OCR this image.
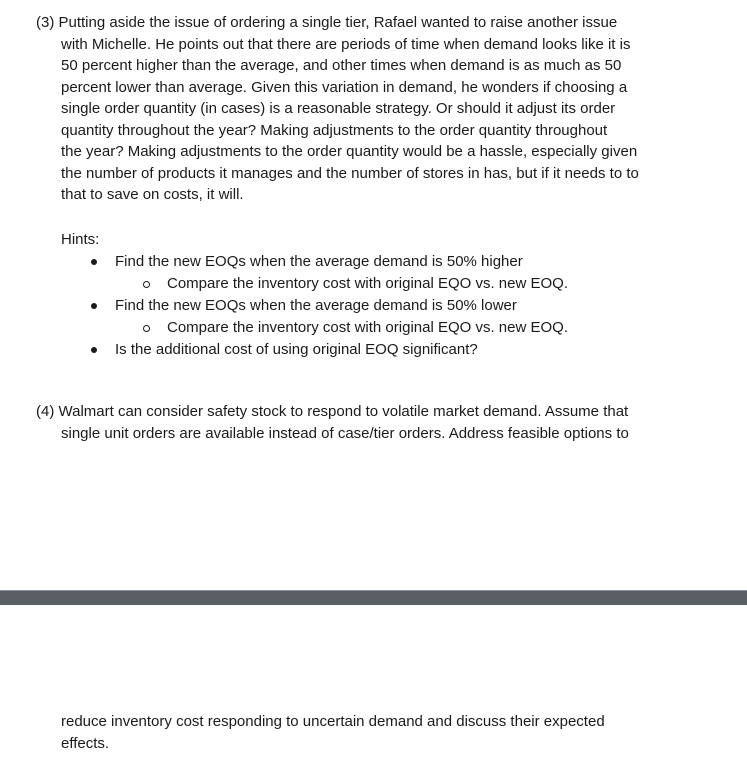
(3) Putting aside the issue of ordering a single tier, Rafael wanted to raise another issue
with Michelle. He points out that there are periods of time when demand looks like it is
50 percent higher than the average, and other times when demand is as much as 50
percent lower than average. Given this variation in demand, he wonders if choosing a
single order quantity (in cases) is a reasonable strategy. Or should it adjust its order
quantity throughout the year? Making adjustments to the order quantity throughout
the year? Making adjustments to the order quantity would be a hassle, especially given
the number of products it manages and the number of stores in has, but if it needs to to
that to save on costs, it will.
Hints:
Find the new EOQs when the average demand is 50% higher
Compare the inventory cost with original EQO vs. new EOQ.
Find the new EOQs when the average demand is 50% lower
Compare the inventory cost with original EQO vs. new EOQ.
Is the additional cost of using original EOQ significant?
(4) Walmart can consider safety stock to respond to volatile market demand. Assume that
single unit orders are available instead of case/tier orders. Address feasible options to
reduce inventory cost responding to uncertain demand and discuss their expected
effects.
